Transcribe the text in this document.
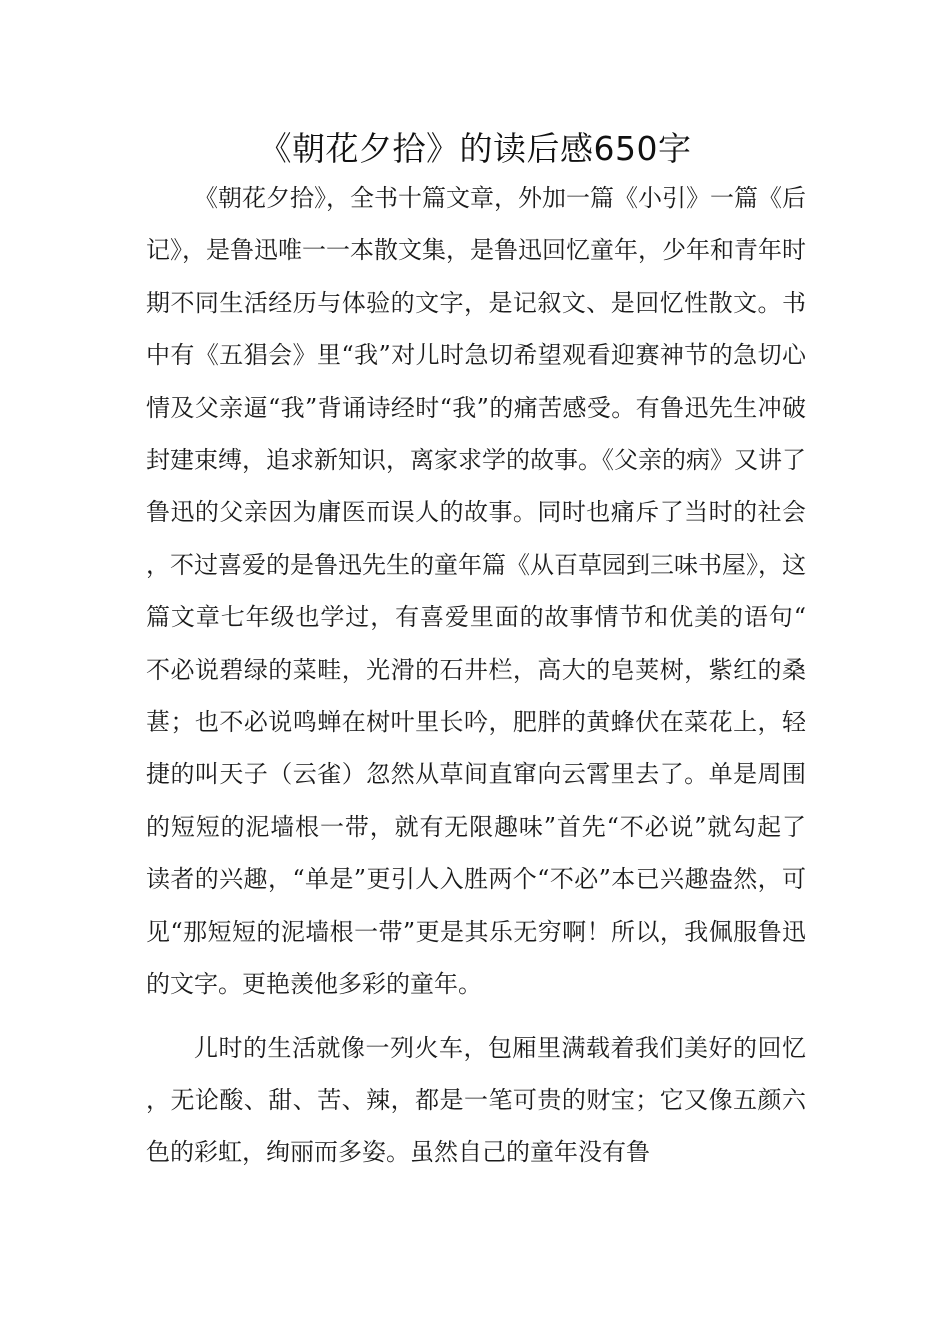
《朝花夕拾》的读后感650字

《朝花夕拾》，全书十篇文章，外加一篇《小引》一篇《后记》，是鲁迅唯一一本散文集，是鲁迅回忆童年，少年和青年时期不同生活经历与体验的文字，是记叙文、是回忆性散文。书中有《五猖会》里“我”对儿时急切希望观看迎赛神节的急切心情及父亲逼“我”背诵诗经时“我”的痛苦感受。有鲁迅先生冲破封建束缚，追求新知识，离家求学的故事。《父亲的病》又讲了鲁迅的父亲因为庸医而误人的故事。同时也痛斥了当时的社会，不过喜爱的是鲁迅先生的童年篇《从百草园到三味书屋》，这篇文章七年级也学过，有喜爱里面的故事情节和优美的语句“不必说碧绿的菜畦，光滑的石井栏，高大的皂荚树，紫红的桑葚；也不必说鸣蝉在树叶里长吟，肥胖的黄蜂伏在菜花上，轻捷的叫天子（云雀）忽然从草间直窜向云霄里去了。单是周围的短短的泥墙根一带，就有无限趣味”首先“不必说”就勾起了读者的兴趣，“单是”更引人入胜两个“不必”本已兴趣盎然，可见“那短短的泥墙根一带”更是其乐无穷啊！所以，我佩服鲁迅的文字。更艳羡他多彩的童年。

儿时的生活就像一列火车，包厢里满载着我们美好的回忆，无论酸、甜、苦、辣，都是一笔可贵的财宝；它又像五颜六色的彩虹，绚丽而多姿。虽然自己的童年没有鲁
